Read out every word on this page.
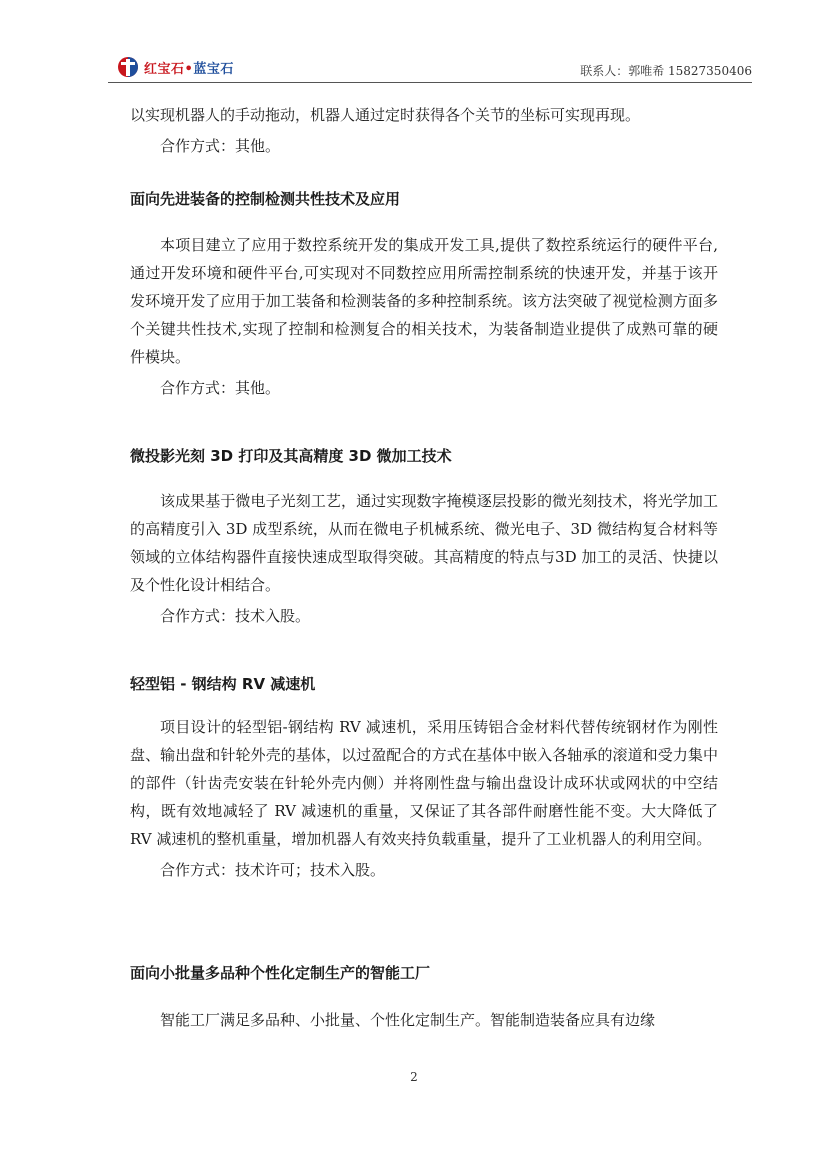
红宝石•蓝宝石	联系人：郭唯希 15827350406

以实现机器人的手动拖动，机器人通过定时获得各个关节的坐标可实现再现。

合作方式：其他。

面向先进装备的控制检测共性技术及应用

本项目建立了应用于数控系统开发的集成开发工具,提供了数控系统运行的硬件平台,通过开发环境和硬件平台,可实现对不同数控应用所需控制系统的快速开发，并基于该开发环境开发了应用于加工装备和检测装备的多种控制系统。该方法突破了视觉检测方面多个关键共性技术,实现了控制和检测复合的相关技术，为装备制造业提供了成熟可靠的硬件模块。

合作方式：其他。

微投影光刻 3D 打印及其高精度 3D 微加工技术

该成果基于微电子光刻工艺，通过实现数字掩模逐层投影的微光刻技术，将光学加工的高精度引入 3D 成型系统，从而在微电子机械系统、微光电子、3D 微结构复合材料等领域的立体结构器件直接快速成型取得突破。其高精度的特点与3D 加工的灵活、快捷以及个性化设计相结合。

合作方式：技术入股。

轻型铝 - 钢结构 RV 减速机

项目设计的轻型铝-钢结构 RV 减速机，采用压铸铝合金材料代替传统钢材作为刚性盘、输出盘和针轮外壳的基体，以过盈配合的方式在基体中嵌入各轴承的滚道和受力集中的部件（针齿壳安装在针轮外壳内侧）并将刚性盘与输出盘设计成环状或网状的中空结构，既有效地减轻了 RV 减速机的重量，又保证了其各部件耐磨性能不变。大大降低了 RV 减速机的整机重量，增加机器人有效夹持负载重量，提升了工业机器人的利用空间。

合作方式：技术许可；技术入股。

面向小批量多品种个性化定制生产的智能工厂

智能工厂满足多品种、小批量、个性化定制生产。智能制造装备应具有边缘

2
